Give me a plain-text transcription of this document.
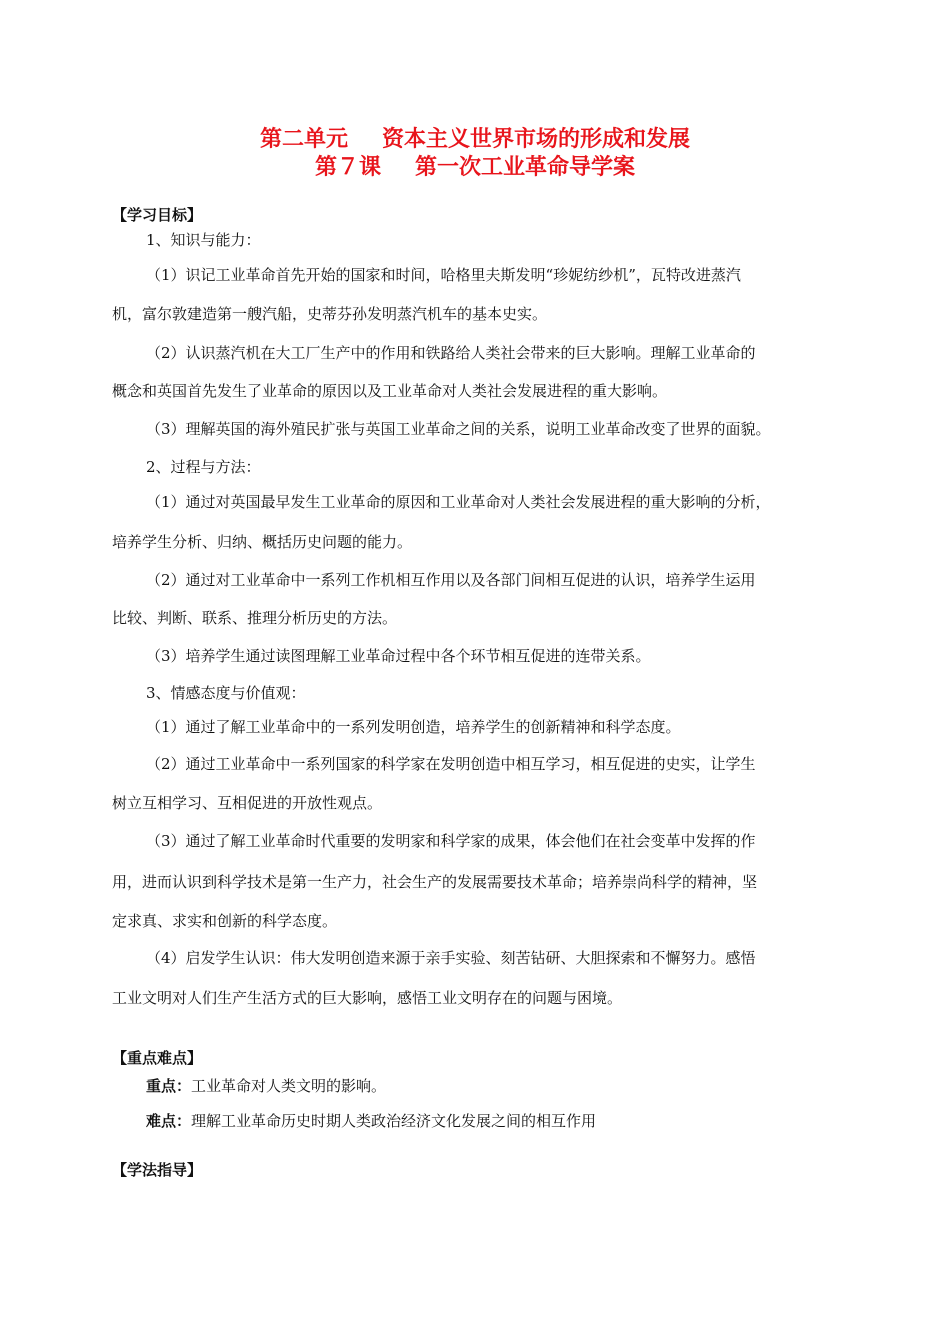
第二单元 资本主义世界市场的形成和发展
第７课 第一次工业革命导学案
【学习目标】
1、知识与能力：
（1）识记工业革命首先开始的国家和时间，哈格里夫斯发明“珍妮纺纱机”，瓦特改进蒸汽
机，富尔敦建造第一艘汽船，史蒂芬孙发明蒸汽机车的基本史实。
（2）认识蒸汽机在大工厂生产中的作用和铁路给人类社会带来的巨大影响。理解工业革命的
概念和英国首先发生了业革命的原因以及工业革命对人类社会发展进程的重大影响。
（3）理解英国的海外殖民扩张与英国工业革命之间的关系，说明工业革命改变了世界的面貌。
2、过程与方法：
（1）通过对英国最早发生工业革命的原因和工业革命对人类社会发展进程的重大影响的分析，
培养学生分析、归纳、概括历史问题的能力。
（2）通过对工业革命中一系列工作机相互作用以及各部门间相互促进的认识，培养学生运用
比较、判断、联系、推理分析历史的方法。
（3）培养学生通过读图理解工业革命过程中各个环节相互促进的连带关系。
3、情感态度与价值观：
（1）通过了解工业革命中的一系列发明创造，培养学生的创新精神和科学态度。
（2）通过工业革命中一系列国家的科学家在发明创造中相互学习，相互促进的史实，让学生
树立互相学习、互相促进的开放性观点。
（3）通过了解工业革命时代重要的发明家和科学家的成果，体会他们在社会变革中发挥的作
用，进而认识到科学技术是第一生产力，社会生产的发展需要技术革命；培养崇尚科学的精神，坚
定求真、求实和创新的科学态度。
（4）启发学生认识：伟大发明创造来源于亲手实验、刻苦钻研、大胆探索和不懈努力。感悟
工业文明对人们生产生活方式的巨大影响，感悟工业文明存在的问题与困境。
【重点难点】
重点：工业革命对人类文明的影响。
难点：理解工业革命历史时期人类政治经济文化发展之间的相互作用
【学法指导】
